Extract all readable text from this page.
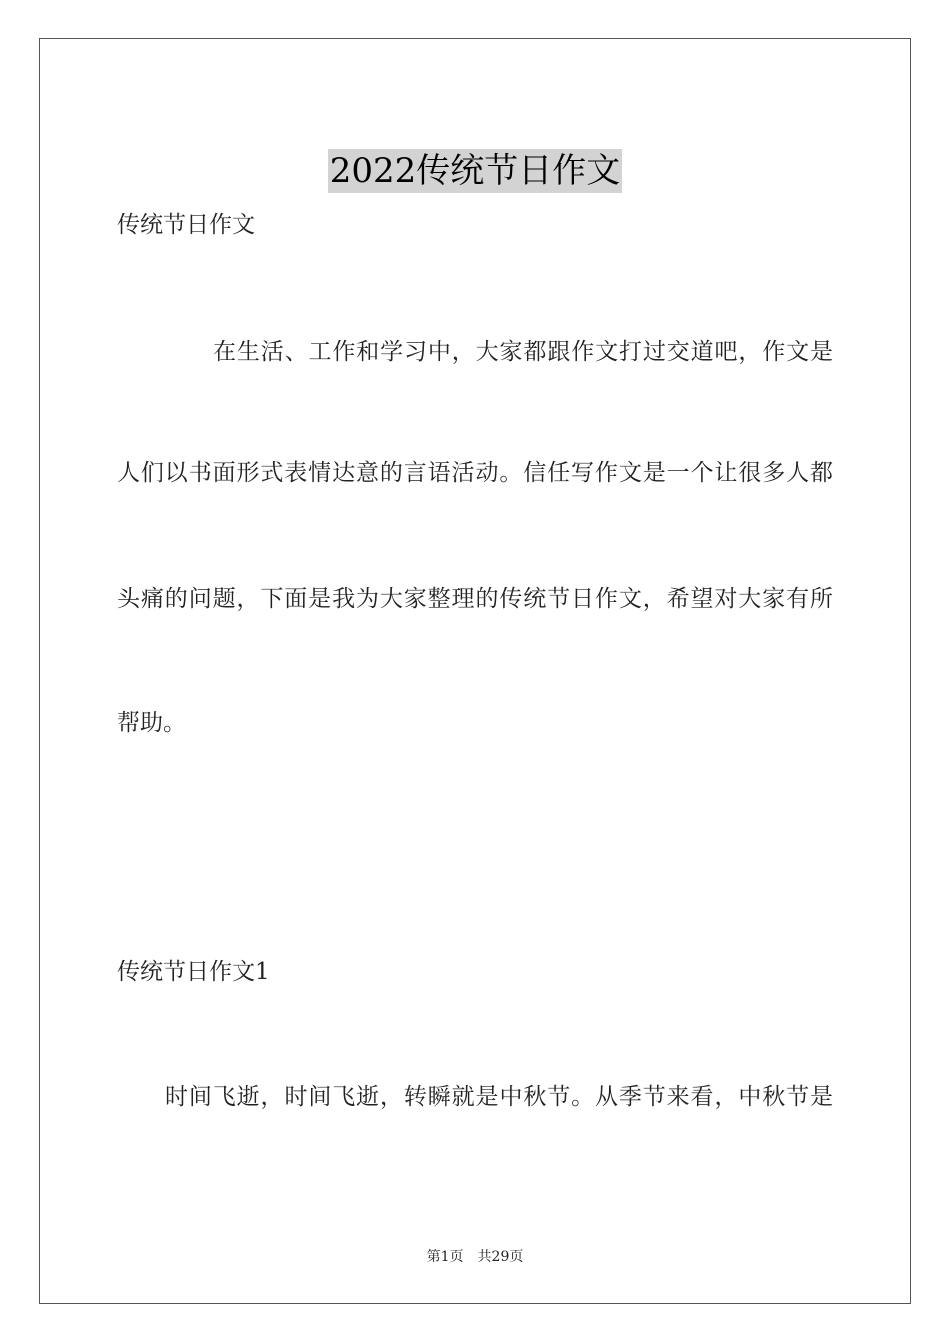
2022传统节日作文

传统节日作文

在生活、工作和学习中，大家都跟作文打过交道吧，作文是

人们以书面形式表情达意的言语活动。信任写作文是一个让很多人都

头痛的问题，下面是我为大家整理的传统节日作文，希望对大家有所

帮助。

传统节日作文1

时间飞逝，时间飞逝，转瞬就是中秋节。从季节来看，中秋节是

第1页 共29页
